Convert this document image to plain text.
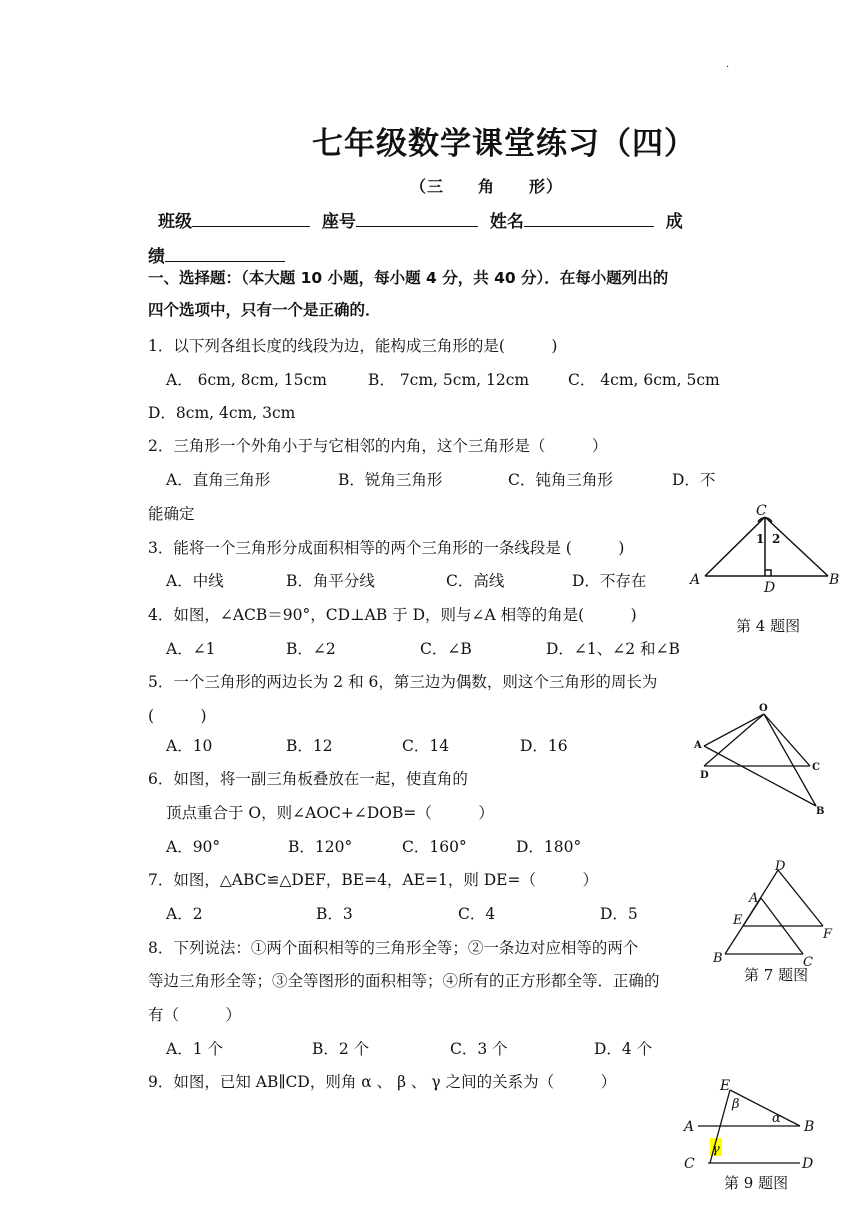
·
七年级数学课堂练习（四）
（三　　角　　形）
班级	座号	姓名	成
绩
一、选择题：（本大题 10 小题，每小题 4 分，共 40 分）．在每小题列出的
四个选项中，只有一个是正确的．
1．以下列各组长度的线段为边，能构成三角形的是(　　　)
A． 6cm, 8cm, 15cm	B． 7cm, 5cm, 12cm	C． 4cm, 6cm, 5cm
D．8cm, 4cm, 3cm
2．三角形一个外角小于与它相邻的内角，这个三角形是（　　　）
A．直角三角形	B．锐角三角形	C．钝角三角形	D．不
能确定
3．能将一个三角形分成面积相等的两个三角形的一条线段是 (　　　)
A．中线	B．角平分线	C．高线	D．不存在
4．如图，∠ACB＝90°，CD⊥AB 于 D，则与∠A 相等的角是(　　　)
A．∠1	B．∠2	C．∠B	D．∠1、∠2 和∠B
第 4 题图
C
A	B
D
1 2
5．一个三角形的两边长为 2 和 6，第三边为偶数，则这个三角形的周长为
(　　　)
A．10	B．12	C．14	D．16
O
A
D
C
B
6．如图，将一副三角板叠放在一起，使直角的
顶点重合于 O，则∠AOC+∠DOB=（　　　）
A．90°	B．120°	C．160°	D．180°
7．如图，△ABC≌△DEF，BE=4，AE=1，则 DE=（　　　）
A．2	B．3	C．4	D．5
D
A
E
F
B	C
第 7 题图
8．下列说法：①两个面积相等的三角形全等；②一条边对应相等的两个
等边三角形全等；③全等图形的面积相等；④所有的正方形都全等．正确的
有（　　　）
A．1 个	B．2 个	C．3 个	D．4 个
9．如图，已知 AB∥CD，则角 α 、 β 、 γ 之间的关系为（　　　）	E
A	B
C	D
β
α
γ
第 9 题图
